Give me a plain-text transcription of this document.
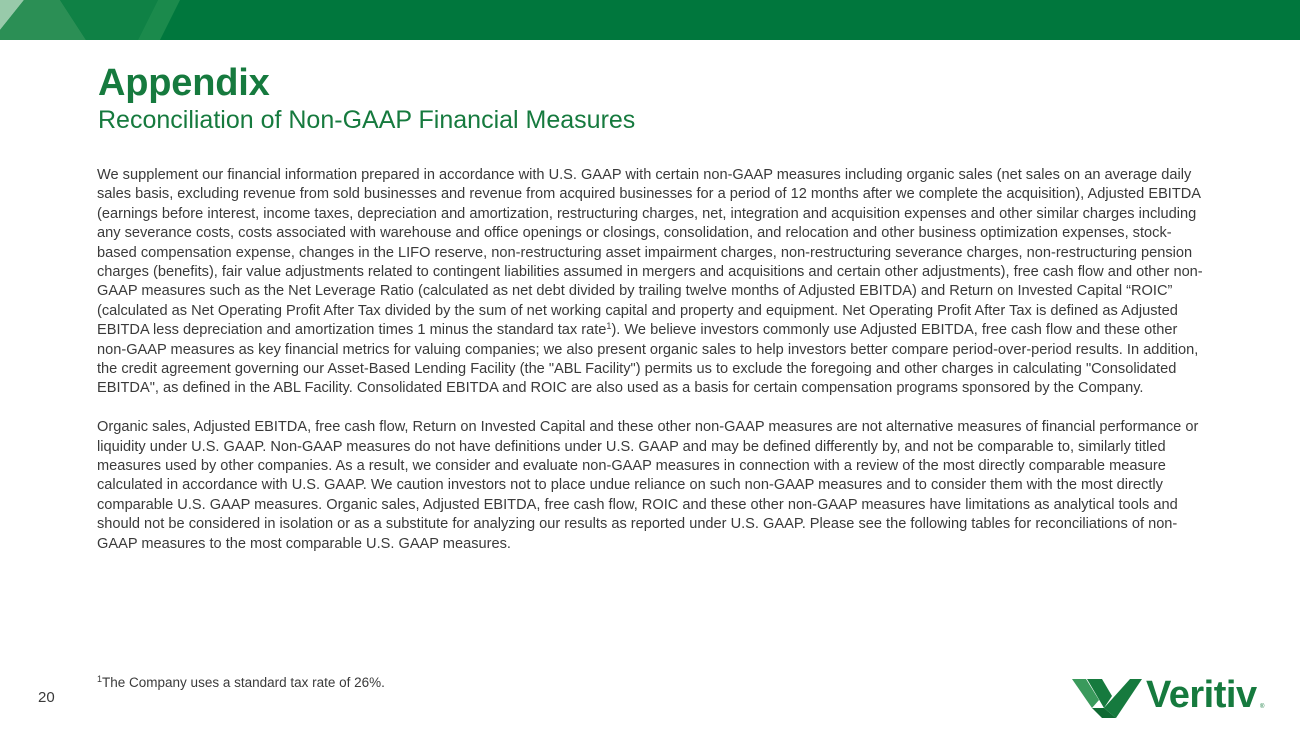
Appendix
Reconciliation of Non-GAAP Financial Measures

We supplement our financial information prepared in accordance with U.S. GAAP with certain non-GAAP measures including organic sales (net sales on an average daily sales basis, excluding revenue from sold businesses and revenue from acquired businesses for a period of 12 months after we complete the acquisition), Adjusted EBITDA (earnings before interest, income taxes, depreciation and amortization, restructuring charges, net, integration and acquisition expenses and other similar charges including any severance costs, costs associated with warehouse and office openings or closings, consolidation, and relocation and other business optimization expenses, stock-based compensation expense, changes in the LIFO reserve, non-restructuring asset impairment charges, non-restructuring severance charges, non-restructuring pension charges (benefits), fair value adjustments related to contingent liabilities assumed in mergers and acquisitions and certain other adjustments), free cash flow and other non-GAAP measures such as the Net Leverage Ratio (calculated as net debt divided by trailing twelve months of Adjusted EBITDA) and Return on Invested Capital “ROIC” (calculated as Net Operating Profit After Tax divided by the sum of net working capital and property and equipment. Net Operating Profit After Tax is defined as Adjusted EBITDA less depreciation and amortization times 1 minus the standard tax rate$^1$). We believe investors commonly use Adjusted EBITDA, free cash flow and these other non-GAAP measures as key financial metrics for valuing companies; we also present organic sales to help investors better compare period-over-period results. In addition, the credit agreement governing our Asset-Based Lending Facility (the "ABL Facility") permits us to exclude the foregoing and other charges in calculating "Consolidated EBITDA", as defined in the ABL Facility. Consolidated EBITDA and ROIC are also used as a basis for certain compensation programs sponsored by the Company.

Organic sales, Adjusted EBITDA, free cash flow, Return on Invested Capital and these other non-GAAP measures are not alternative measures of financial performance or liquidity under U.S. GAAP. Non-GAAP measures do not have definitions under U.S. GAAP and may be defined differently by, and not be comparable to, similarly titled measures used by other companies. As a result, we consider and evaluate non-GAAP measures in connection with a review of the most directly comparable measure calculated in accordance with U.S. GAAP. We caution investors not to place undue reliance on such non-GAAP measures and to consider them with the most directly comparable U.S. GAAP measures. Organic sales, Adjusted EBITDA, free cash flow, ROIC and these other non-GAAP measures have limitations as analytical tools and should not be considered in isolation or as a substitute for analyzing our results as reported under U.S. GAAP. Please see the following tables for reconciliations of non-GAAP measures to the most comparable U.S. GAAP measures.

$^1$The Company uses a standard tax rate of 26%.
20	Veritiv ®
